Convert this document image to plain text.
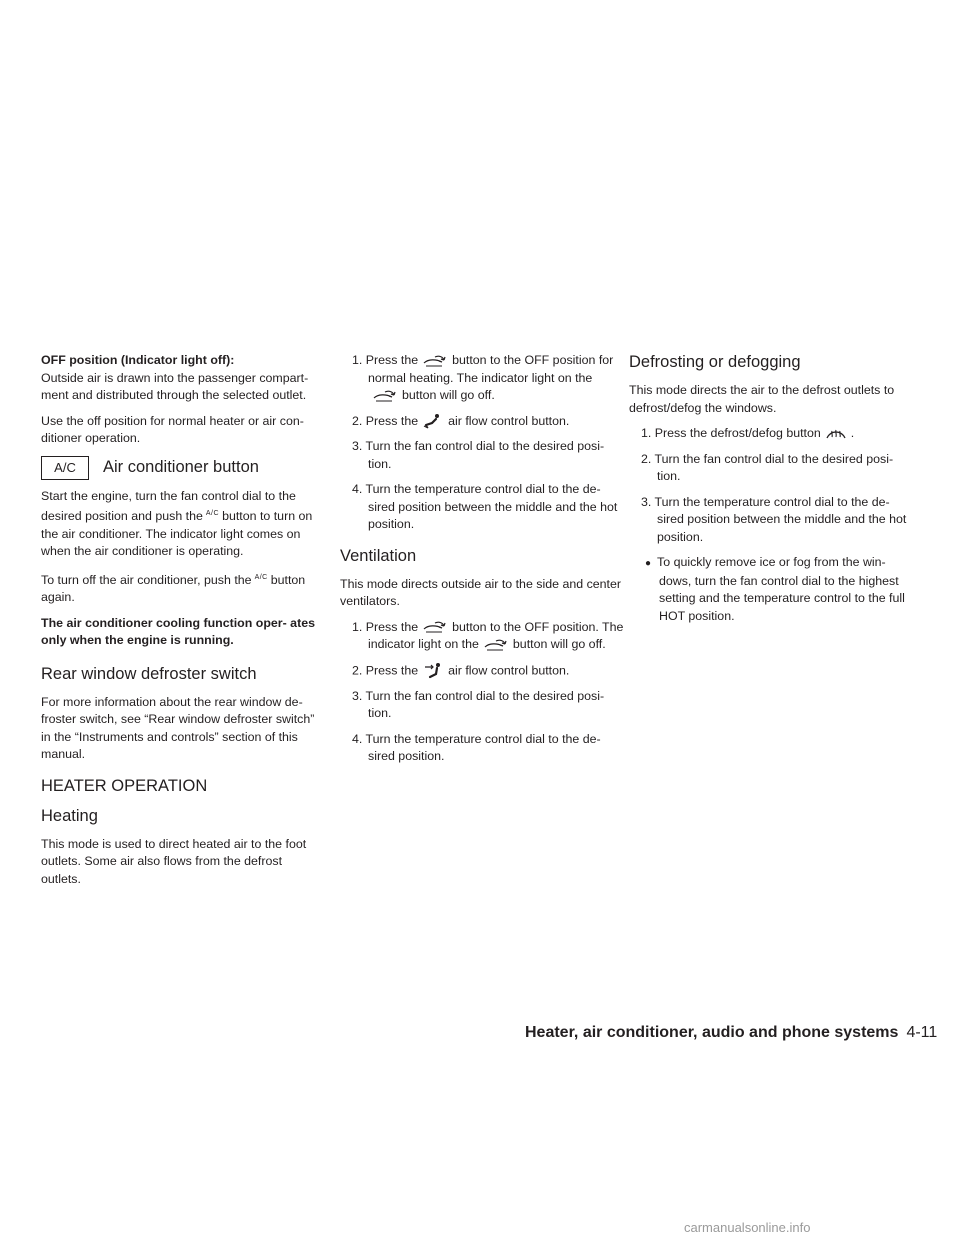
OFF position (Indicator light off):

Outside air is drawn into the passenger compart- ment and distributed through the selected outlet.

Use the off position for normal heater or air con- ditioner operation.

A/C	Air conditioner button

Start the engine, turn the fan control dial to the desired position and push the $^{A/C}$ button to turn on the air conditioner. The indicator light comes on when the air conditioner is operating.

To turn off the air conditioner, push the $^{A/C}$ button again.

The air conditioner cooling function oper- ates only when the engine is running.

Rear window defroster switch

For more information about the rear window de- froster switch, see “Rear window defroster switch” in the “Instruments and controls” section of this manual.

HEATER OPERATION
Heating

This mode is used to direct heated air to the foot outlets. Some air also flows from the defrost outlets.

1. Press the	button to the OFF position for normal heating. The indicator light on thebutton will go off.
2. Press the air flow control button.
3. Turn the fan control dial to the desired posi- tion.
4. Turn the temperature control dial to the de- sired position between the middle and the hot position.
Ventilation

This mode directs outside air to the side and center ventilators.

1. Press the	button to the OFF position. The indicator light on the	button will go off.
2. Press the air flow control button.
3. Turn the fan control dial to the desired posi- tion.
4. Turn the temperature control dial to the de- sired position.
Defrosting or defogging

This mode directs the air to the defrost outlets to defrost/defog the windows.

1. Press the defrost/defog button .
2. Turn the fan control dial to the desired posi- tion.
3. Turn the temperature control dial to the de- sired position between the middle and the hot position.
● To quickly remove ice or fog from the win- dows, turn the fan control dial to the highest setting and the temperature control to the full HOT position.
Heater, air conditioner, audio and phone systems 4-11
carmanualsonline.info
